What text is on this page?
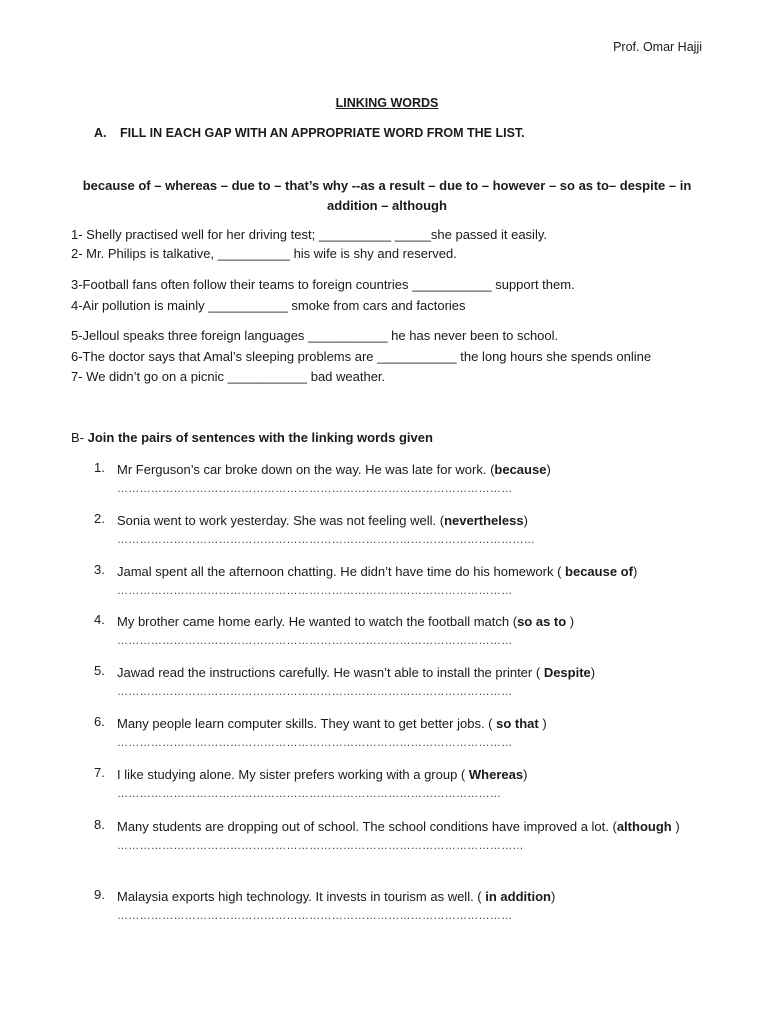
Prof. Omar Hajji
LINKING WORDS
A. FILL IN EACH GAP WITH AN APPROPRIATE WORD FROM THE LIST.
because of – whereas – due to – that’s why --as a result – due to – however – so as to– despite – in addition – although
1- Shelly practised well for her driving test; __________ _____she passed it easily.
2- Mr. Philips is talkative, __________ his wife is shy and reserved.
3-Football fans often follow their teams to foreign countries ___________ support them.
4-Air pollution is mainly ___________ smoke from cars and factories
5-Jelloul speaks three foreign languages ___________ he has never been to school.
6-The doctor says that Amal’s sleeping problems are ___________ the long hours she spends online
7- We didn’t go on a picnic ___________ bad weather.
B- Join the pairs of sentences with the linking words given
1. Mr Ferguson’s car broke down on the way. He was late for work. (because)
……………………………………………………………………………………………
2. Sonia went to work yesterday. She was not feeling well. (nevertheless)
…………………………………………………………………………………………………
3. Jamal spent all the afternoon chatting. He didn’t have time do his homework ( because of)
……………………………………………………………………………………………
4. My brother came home early. He wanted to watch the football match (so as to )
……………………………………………………………………………………………
5. Jawad read the instructions carefully. He wasn’t able to install the printer ( Despite)
……………………………………………………………………………………………
6. Many people learn computer skills. They want to get better jobs. ( so that )
……………………………………………………………………………………………
7. I like studying alone. My sister prefers working with a group ( Whereas)
…………………………………………………………………………………………
8. Many students are dropping out of school. The school conditions have improved a lot. (although )
………………………………………………………………………………………………
9. Malaysia exports high technology. It invests in tourism as well. ( in addition)
……………………………………………………………………………………………
